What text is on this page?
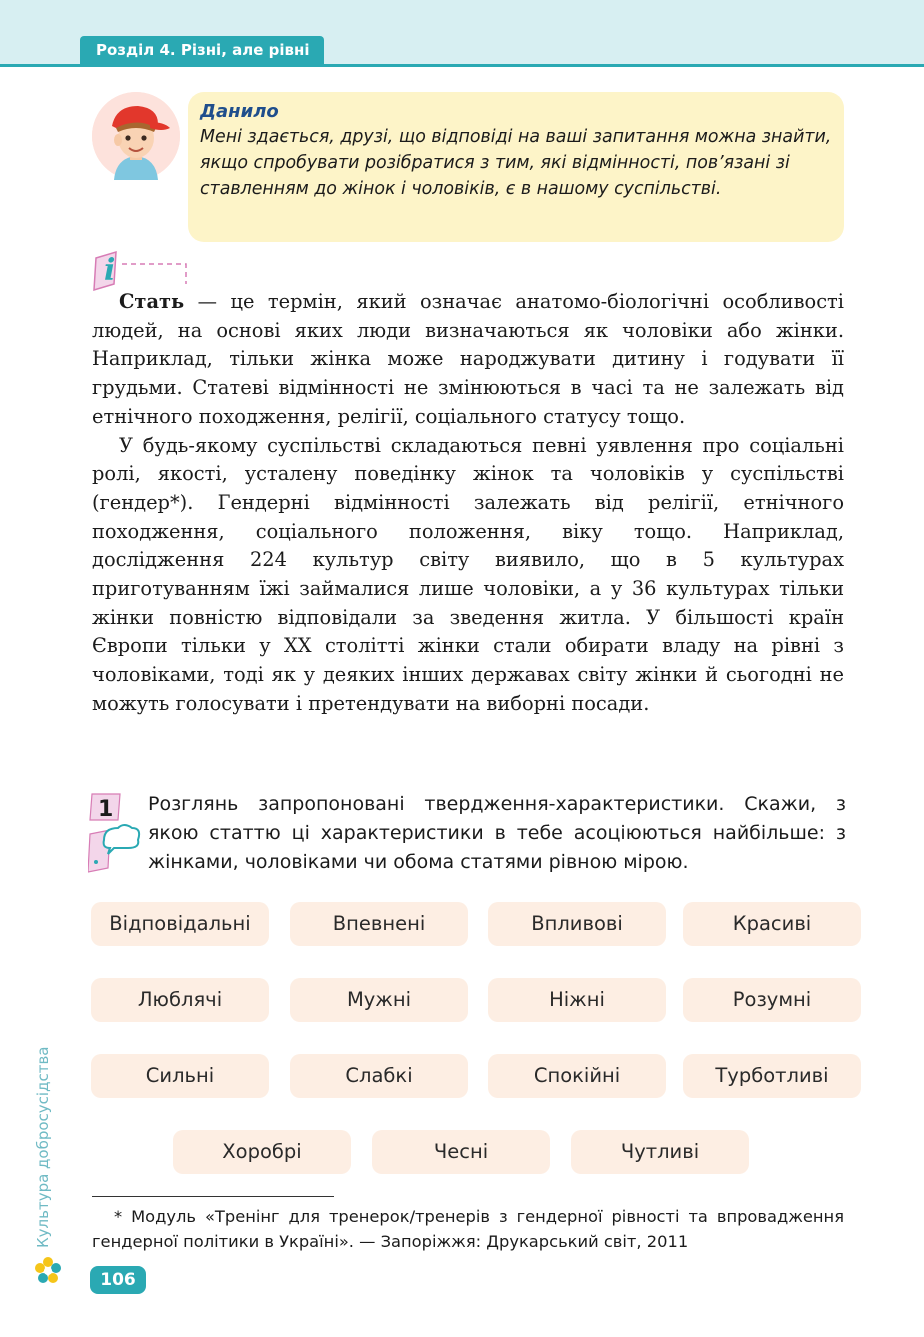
Розділ 4. Різні, але рівні

Данило

Мені здається, друзі, що відповіді на ваші запитання можна знайти, якщо спробувати розібратися з тим, які відмінності, пов’язані зі ставленням до жінок і чоловіків, є в нашому суспільстві.

i

Стать — це термін, який означає анатомо-біологічні особливості людей, на основі яких люди визначаються як чоловіки або жінки. Наприклад, тільки жінка може народжувати дитину і годувати її грудьми. Статеві відмінності не змінюються в часі та не залежать від етнічного походження, релігії, соціального статусу тощо.

У будь-якому суспільстві складаються певні уявлення про соціальні ролі, якості, усталену поведінку жінок та чоловіків у суспільстві (гендер*). Гендерні відмінності залежать від релігії, етнічного походження, соціального положення, віку тощо. Наприклад, дослідження 224 культур світу виявило, що в 5 культурах приготуванням їжі займалися лише чоловіки, а у 36 культурах тільки жінки повністю відповідали за зведення житла. У більшості країн Європи тільки у ХХ столітті жінки стали обирати владу на рівні з чоловіками, тоді як у деяких інших державах світу жінки й сьогодні не можуть голосувати і претендувати на виборні посади.

1 Розглянь запропоновані твердження-характеристики. Скажи, з якою статтю ці характеристики в тебе асоціюються найбільше: з жінками, чоловіками чи обома статями рівною мірою.

Відповідальні	Впевнені	Впливові	Красиві
Люблячі	Мужні	Ніжні	Розумні
Сильні	Слабкі	Спокійні	Турботливі
Хоробрі	Чесні	Чутливі

* Модуль «Тренінг для тренерок/тренерів з гендерної рівності та впровадження гендерної політики в Україні». — Запоріжжя: Друкарський світ, 2011

Культура добросусідства
106
